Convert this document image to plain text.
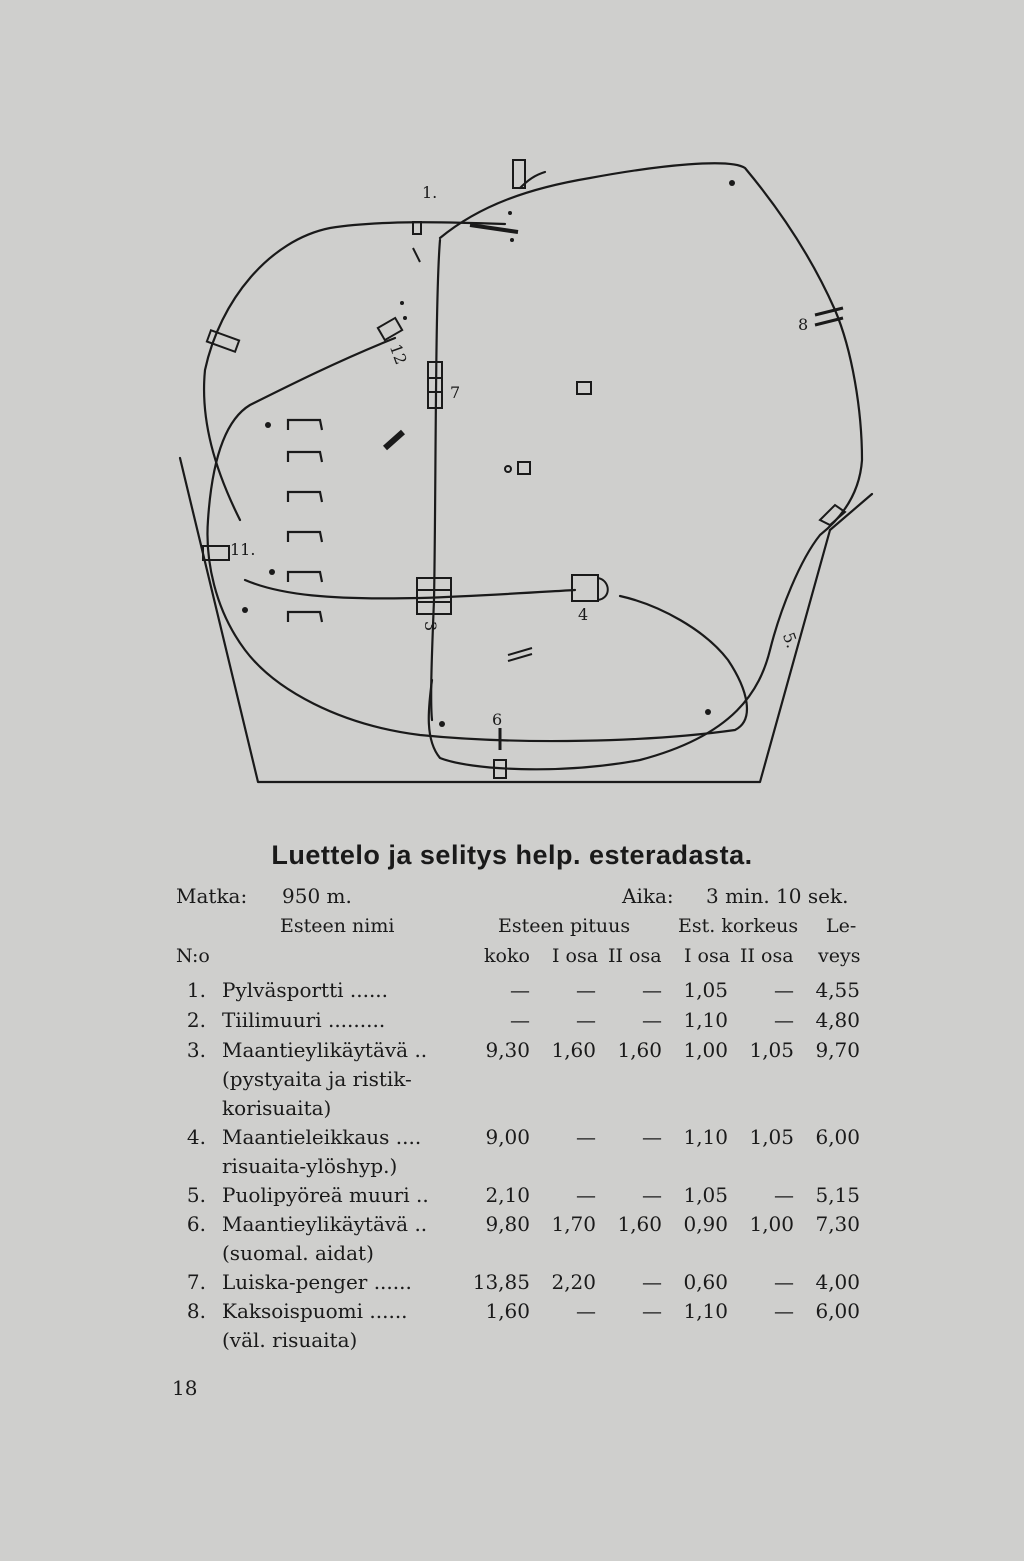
1.
12
7
8
11.
3
4
6
5.
Luettelo ja selitys help. esteradasta.
Matka: 950 m.	Aika: 3 min. 10 sek.
Esteen nimi	Esteen pituus	Est. korkeus Le-
N:o	koko I osa II osa I osa II osa veys
1. Pylväsportti ......	—	—	—	1,05	—	4,55
2. Tiilimuuri .........	—	—	—	1,10	—	4,80
3. Maantieylikäytävä ..	9,30	1,60	1,60	1,00	1,05	9,70
(pystyaita ja ristik-
korisuaita)
4. Maantieleikkaus ....	9,00	—	—	1,10	1,05	6,00
risuaita-ylöshyp.)
5. Puolipyöreä muuri ..	2,10	—	—	1,05	—	5,15
6. Maantieylikäytävä ..	9,80	1,70	1,60	0,90	1,00	7,30
(suomal. aidat)
7. Luiska-penger ......	13,85	2,20	—	0,60	—	4,00
8. Kaksoispuomi ......	1,60	—	—	1,10	—	6,00
(väl. risuaita)
18
